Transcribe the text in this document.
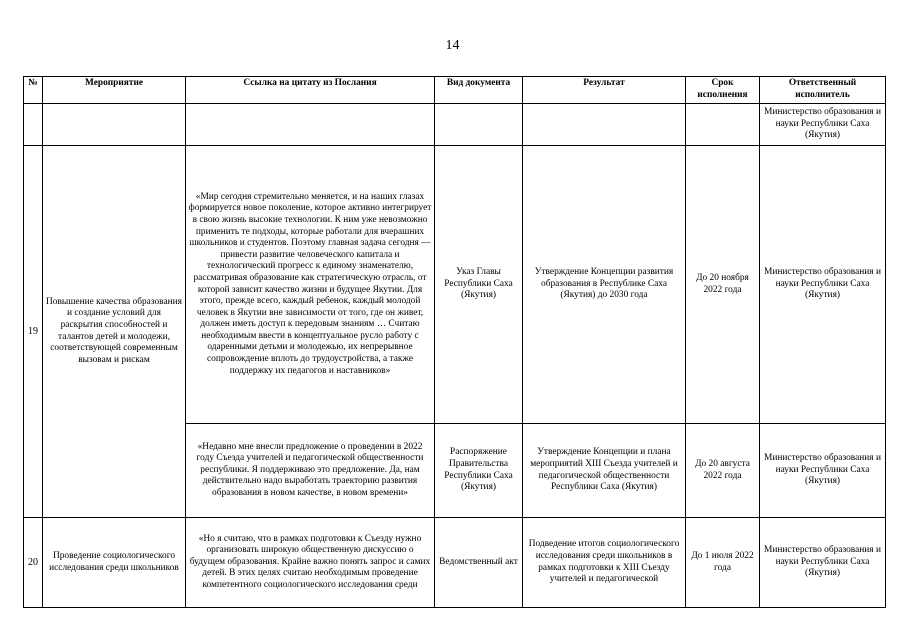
14
№	Мероприятие	Ссылка на цитату из Послания	Вид документа	Результат	Срок исполнения	Ответственный исполнитель
						Министерство образования и науки Республики Саха (Якутия)
19	Повышение качества образования и создание условий для раскрытия способностей и талантов детей и молодежи, соответствующей современным вызовам и рискам	«Мир сегодня стремительно меняется, и на наших глазах формируется новое поколение, которое активно интегрирует в свою жизнь высокие технологии. К ним уже невозможно применить те подходы, которые работали для вчерашних школьников и студентов. Поэтому главная задача сегодня — привести развитие человеческого капитала и технологический прогресс к единому знаменателю, рассматривая образование как стратегическую отрасль, от которой зависит качество жизни и будущее Якутии. Для этого, прежде всего, каждый ребенок, каждый молодой человек в Якутии вне зависимости от того, где он живет, должен иметь доступ к передовым знаниям … Считаю необходимым ввести в концептуальное русло работу с одаренными детьми и молодежью, их непрерывное сопровождение вплоть до трудоустройства, а также поддержку их педагогов и наставников»	Указ Главы Республики Саха (Якутия)	Утверждение Концепции развития образования в Республике Саха (Якутия) до 2030 года	До 20 ноября 2022 года	Министерство образования и науки Республики Саха (Якутия)
		«Недавно мне внесли предложение о проведении в 2022 году Съезда учителей и педагогической общественности республики. Я поддерживаю это предложение. Да, нам действительно надо выработать траекторию развития образования в новом качестве, в новом времени»	Распоряжение Правительства Республики Саха (Якутия)	Утверждение Концепции и плана мероприятий XIII Съезда учителей и педагогической общественности Республики Саха (Якутия)	До 20 августа 2022 года	Министерство образования и науки Республики Саха (Якутия)
20	Проведение социологического исследования среди школьников	«Но я считаю, что в рамках подготовки к Съезду нужно организовать широкую общественную дискуссию о будущем образования. Крайне важно понять запрос и самих детей. В этих целях считаю необходимым проведение компетентного социологического исследования среди	Ведомственный акт	Подведение итогов социологического исследования среди школьников в рамках подготовки к XIII Съезду учителей и педагогической	До 1 июля 2022 года	Министерство образования и науки Республики Саха (Якутия)
